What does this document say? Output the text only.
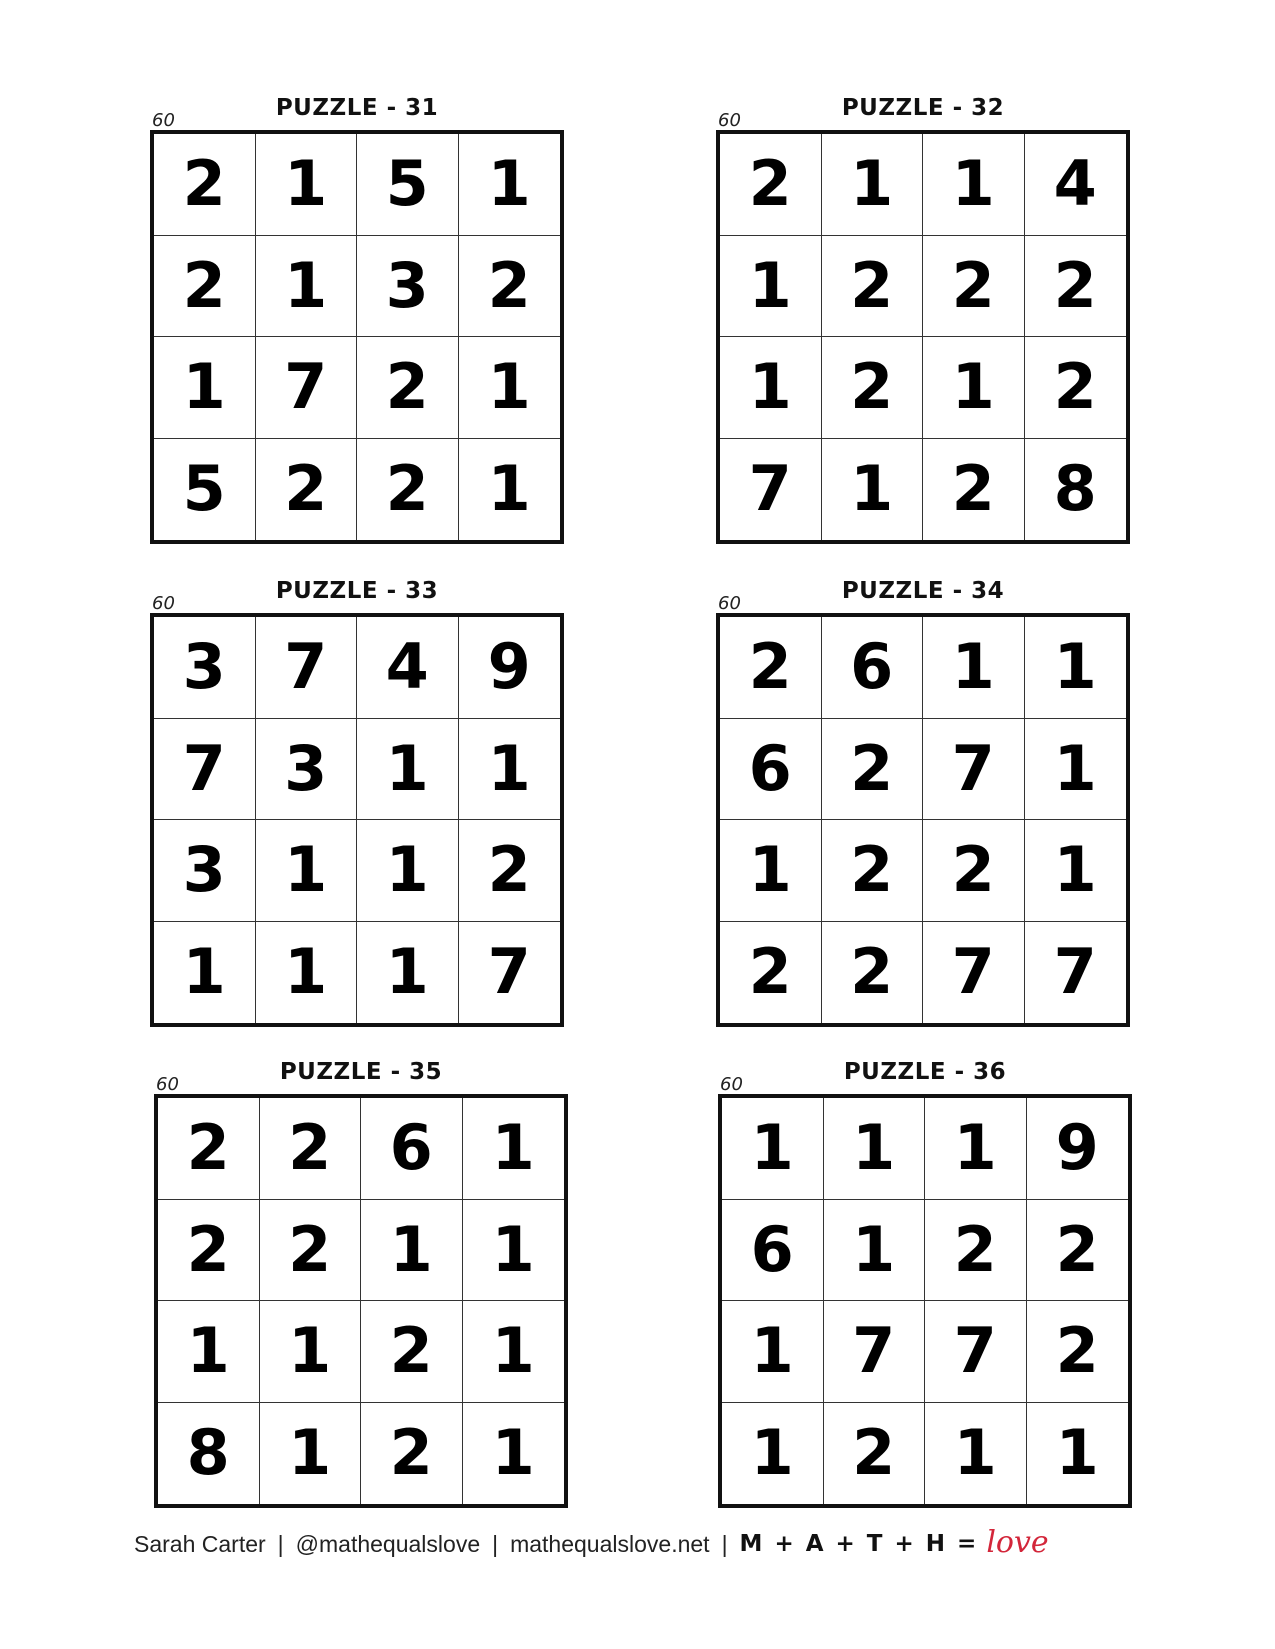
PUZZLE - 31
60
2 1 5 1
2 1 3 2
1 7 2 1
5 2 2 1
PUZZLE - 32
60
2 1 1 4
1 2 2 2
1 2 1 2
7 1 2 8
PUZZLE - 33
60
3 7 4 9
7 3 1 1
3 1 1 2
1 1 1 7
PUZZLE - 34
60
2 6 1 1
6 2 7 1
1 2 2 1
2 2 7 7
PUZZLE - 35
60
2 2 6 1
2 2 1 1
1 1 2 1
8 1 2 1
PUZZLE - 36
60
1 1 1 9
6 1 2 2
1 7 7 2
1 2 1 1
Sarah Carter | @mathequalslove | mathequalslove.net | M + A + T + H = love
